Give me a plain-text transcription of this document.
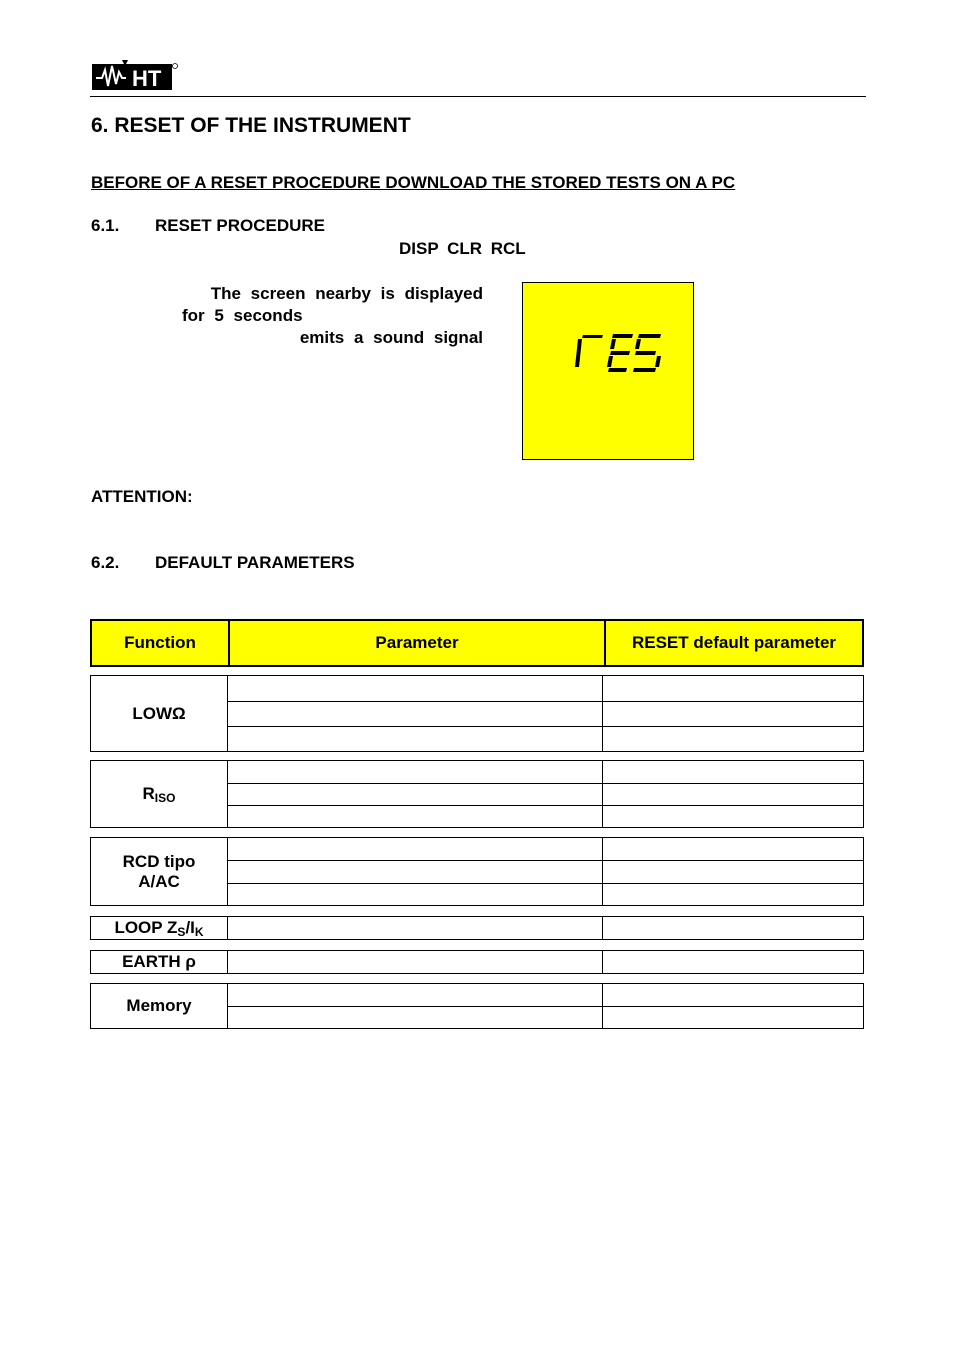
HT
6. RESET OF THE INSTRUMENT
BEFORE OF A RESET PROCEDURE DOWNLOAD THE STORED TESTS ON A PC
6.1. RESET PROCEDURE
DISP CLR RCL
The screen nearby is displayed
for 5 seconds
emits a sound signal
ATTENTION:
6.2. DEFAULT PARAMETERS
Function	Parameter	RESET default parameter
LOWΩ		

$R_{ISO}$		

RCD tipo
A/AC		

LOOP $Z_S/I_K$		
EARTH ρ		
Memory		
